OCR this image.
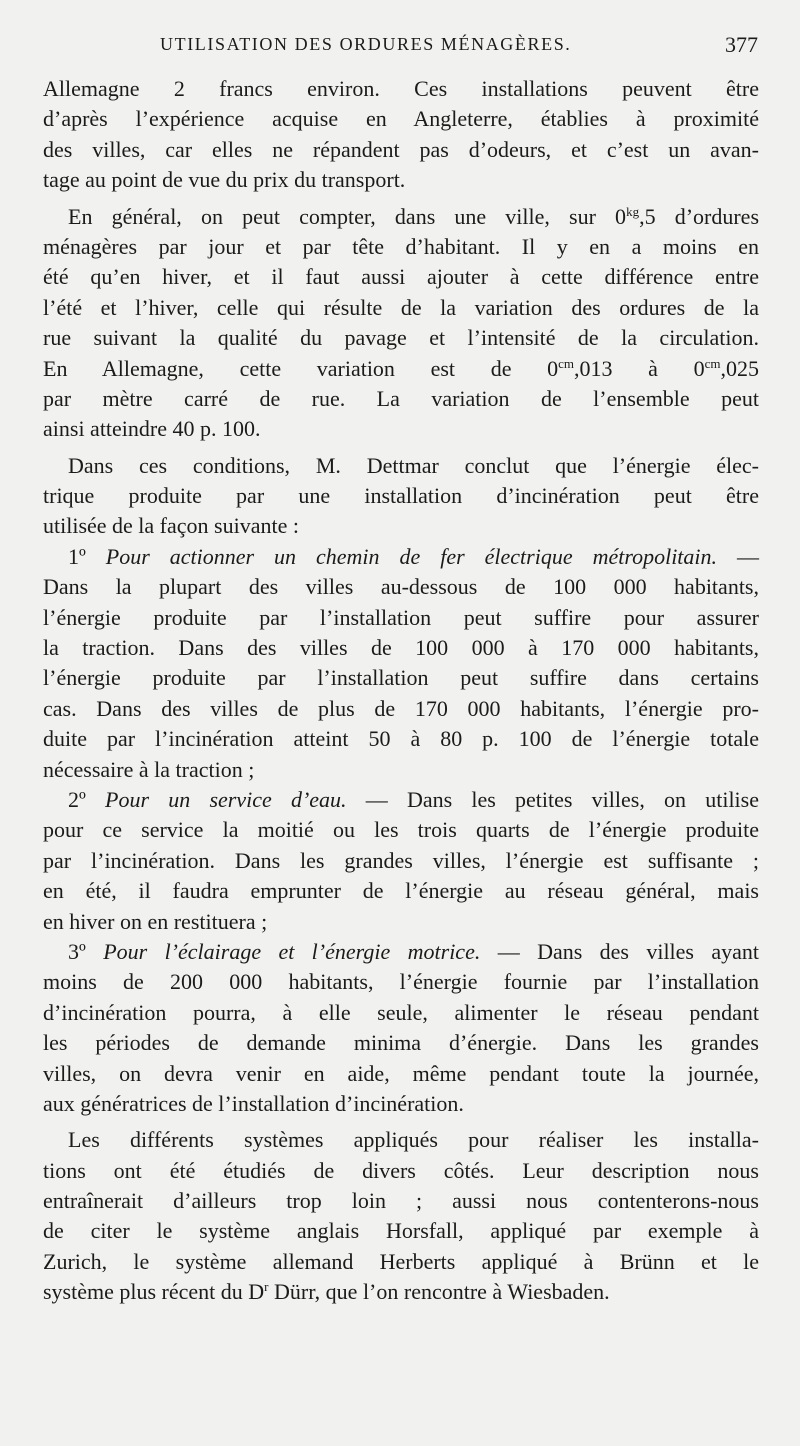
UTILISATION DES ORDURES MÉNAGÈRES.	377
Allemagne 2 francs environ. Ces installations peuvent être
d’après l’expérience acquise en Angleterre, établies à proximité
des villes, car elles ne répandent pas d’odeurs, et c’est un avan-
tage au point de vue du prix du transport.
En général, on peut compter, dans une ville, sur $0^{kg},5$ d’ordures
ménagères par jour et par tête d’habitant. Il y en a moins en
été qu’en hiver, et il faut aussi ajouter à cette différence entre
l’été et l’hiver, celle qui résulte de la variation des ordures de la
rue suivant la qualité du pavage et l’intensité de la circulation.
En Allemagne, cette variation est de $0^{cm},013$ à $0^{cm},025$
par mètre carré de rue. La variation de l’ensemble peut
ainsi atteindre 40 p. 100.
Dans ces conditions, M. Dettmar conclut que l’énergie élec-
trique produite par une installation d’incinération peut être
utilisée de la façon suivante :
1º Pour actionner un chemin de fer électrique métropolitain. —
Dans la plupart des villes au-dessous de 100 000 habitants,
l’énergie produite par l’installation peut suffire pour assurer
la traction. Dans des villes de 100 000 à 170 000 habitants,
l’énergie produite par l’installation peut suffire dans certains
cas. Dans des villes de plus de 170 000 habitants, l’énergie pro-
duite par l’incinération atteint 50 à 80 p. 100 de l’énergie totale
nécessaire à la traction ;
2º Pour un service d’eau. — Dans les petites villes, on utilise
pour ce service la moitié ou les trois quarts de l’énergie produite
par l’incinération. Dans les grandes villes, l’énergie est suffisante ;
en été, il faudra emprunter de l’énergie au réseau général, mais
en hiver on en restituera ;
3º Pour l’éclairage et l’énergie motrice. — Dans des villes ayant
moins de 200 000 habitants, l’énergie fournie par l’installation
d’incinération pourra, à elle seule, alimenter le réseau pendant
les périodes de demande minima d’énergie. Dans les grandes
villes, on devra venir en aide, même pendant toute la journée,
aux génératrices de l’installation d’incinération.
Les différents systèmes appliqués pour réaliser les installa-
tions ont été étudiés de divers côtés. Leur description nous
entraînerait d’ailleurs trop loin ; aussi nous contenterons-nous
de citer le système anglais Horsfall, appliqué par exemple à
Zurich, le système allemand Herberts appliqué à Brünn et le
système plus récent du $D^r$ Dürr, que l’on rencontre à Wiesbaden.
